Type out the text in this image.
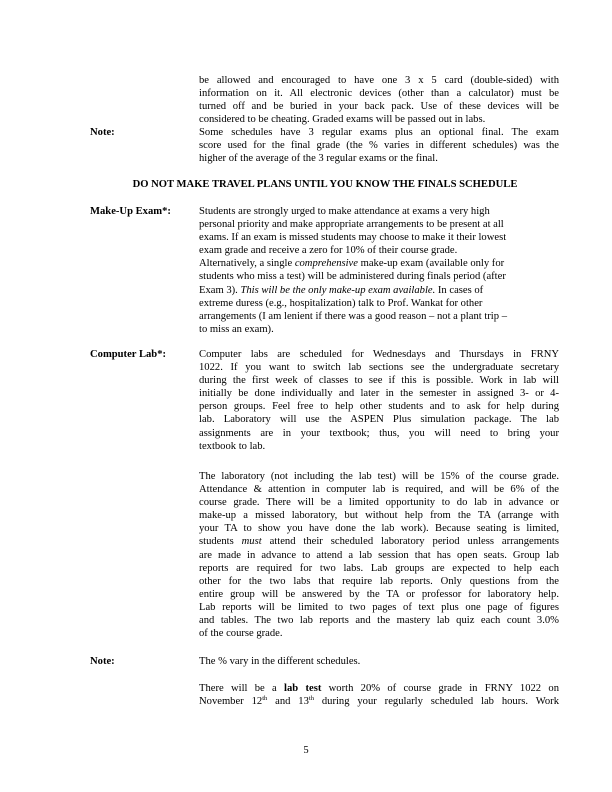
be allowed and encouraged to have one 3 x 5 card (double-sided) with
information on it. All electronic devices (other than a calculator) must be
turned off and be buried in your back pack. Use of these devices will be
considered to be cheating. Graded exams will be passed out in labs.
Note:	Some schedules have 3 regular exams plus an optional final. The exam
score used for the final grade (the % varies in different schedules) was the
higher of the average of the 3 regular exams or the final.
DO NOT MAKE TRAVEL PLANS UNTIL YOU KNOW THE FINALS SCHEDULE
Make-Up Exam*:	Students are strongly urged to make attendance at exams a very high
personal priority and make appropriate arrangements to be present at all
exams. If an exam is missed students may choose to make it their lowest
exam grade and receive a zero for 10% of their course grade.
Alternatively, a single comprehensive make-up exam (available only for
students who miss a test) will be administered during finals period (after
Exam 3). This will be the only make-up exam available. In cases of
extreme duress (e.g., hospitalization) talk to Prof. Wankat for other
arrangements (I am lenient if there was a good reason – not a plant trip –
to miss an exam).
Computer Lab*:	Computer labs are scheduled for Wednesdays and Thursdays in FRNY
1022. If you want to switch lab sections see the undergraduate secretary
during the first week of classes to see if this is possible. Work in lab will
initially be done individually and later in the semester in assigned 3- or 4-
person groups. Feel free to help other students and to ask for help during
lab. Laboratory will use the ASPEN Plus simulation package. The lab
assignments are in your textbook; thus, you will need to bring your
textbook to lab.
The laboratory (not including the lab test) will be 15% of the course grade.
Attendance & attention in computer lab is required, and will be 6% of the
course grade. There will be a limited opportunity to do lab in advance or
make-up a missed laboratory, but without help from the TA (arrange with
your TA to show you have done the lab work). Because seating is limited,
students must attend their scheduled laboratory period unless arrangements
are made in advance to attend a lab session that has open seats. Group lab
reports are required for two labs. Lab groups are expected to help each
other for the two labs that require lab reports. Only questions from the
entire group will be answered by the TA or professor for laboratory help.
Lab reports will be limited to two pages of text plus one page of figures
and tables. The two lab reports and the mastery lab quiz each count 3.0%
of the course grade.
Note:	The % vary in the different schedules.
There will be a lab test worth 20% of course grade in FRNY 1022 on
November 12th and 13th during your regularly scheduled lab hours. Work
5
